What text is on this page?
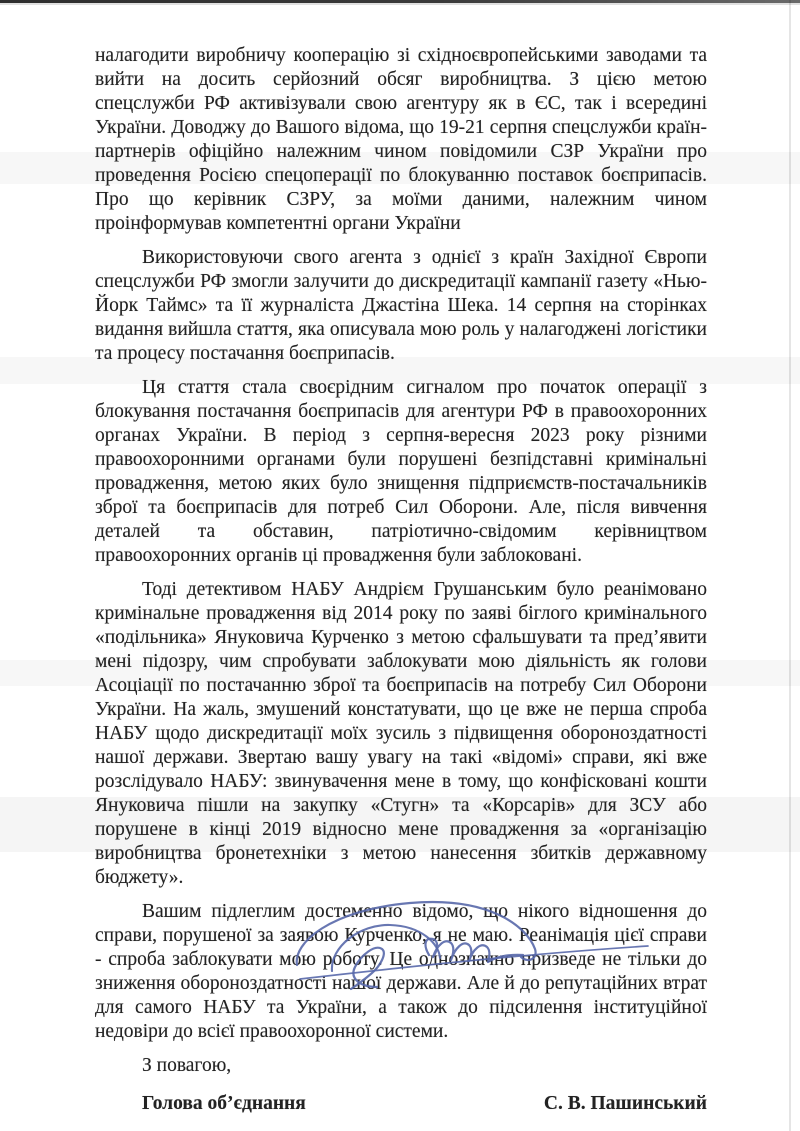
налагодити виробничу кооперацію зі східноєвропейськими заводами та вийти на досить серйозний обсяг виробництва. З цією метою спецслужби РФ активізували свою агентуру як в ЄС, так і всередині України. Доводжу до Вашого відома, що 19-21 серпня спецслужби країн-партнерів офіційно належним чином повідомили СЗР України про проведення Росією спецоперації по блокуванню поставок боєприпасів. Про що керівник СЗРУ, за моїми даними, належним чином проінформував компетентні органи України

Використовуючи свого агента з однієї з країн Західної Європи спецслужби РФ змогли залучити до дискредитації кампанії газету «Нью-Йорк Таймс» та її журналіста Джастіна Шека. 14 серпня на сторінках видання вийшла стаття, яка описувала мою роль у налагоджені логістики та процесу постачання боєприпасів.

Ця стаття стала своєрідним сигналом про початок операції з блокування постачання боєприпасів для агентури РФ в правоохоронних органах України. В період з серпня-вересня 2023 року різними правоохоронними органами були порушені безпідставні кримінальні провадження, метою яких було знищення підприємств-постачальників зброї та боєприпасів для потреб Сил Оборони. Але, після вивчення деталей та обставин, патріотично-свідомим керівництвом правоохоронних органів ці провадження були заблоковані.

Тоді детективом НАБУ Андрієм Грушанським було реанімовано кримінальне провадження від 2014 року по заяві біглого кримінального «подільника» Януковича Курченко з метою сфальшувати та пред’явити мені підозру, чим спробувати заблокувати мою діяльність як голови Асоціації по постачанню зброї та боєприпасів на потребу Сил Оборони України. На жаль, змушений констатувати, що це вже не перша спроба НАБУ щодо дискредитації моїх зусиль з підвищення обороноздатності нашої держави. Звертаю вашу увагу на такі «відомі» справи, які вже розслідувало НАБУ: звинувачення мене в тому, що конфісковані кошти Януковича пішли на закупку «Стугн» та «Корсарів» для ЗСУ або порушене в кінці 2019 відносно мене провадження за «організацію виробництва бронетехніки з метою нанесення збитків державному бюджету».

Вашим підлеглим достеменно відомо, що нікого відношення до справи, порушеної за заявою Курченко, я не маю. Реанімація цієї справи - спроба заблокувати мою роботу. Це однозначно призведе не тільки до зниження обороноздатності нашої держави. Але й до репутаційних втрат для самого НАБУ та України, а також до підсилення інституційної недовіри до всієї правоохоронної системи.

З повагою,

Голова об’єднання	С. В. Пашинський
